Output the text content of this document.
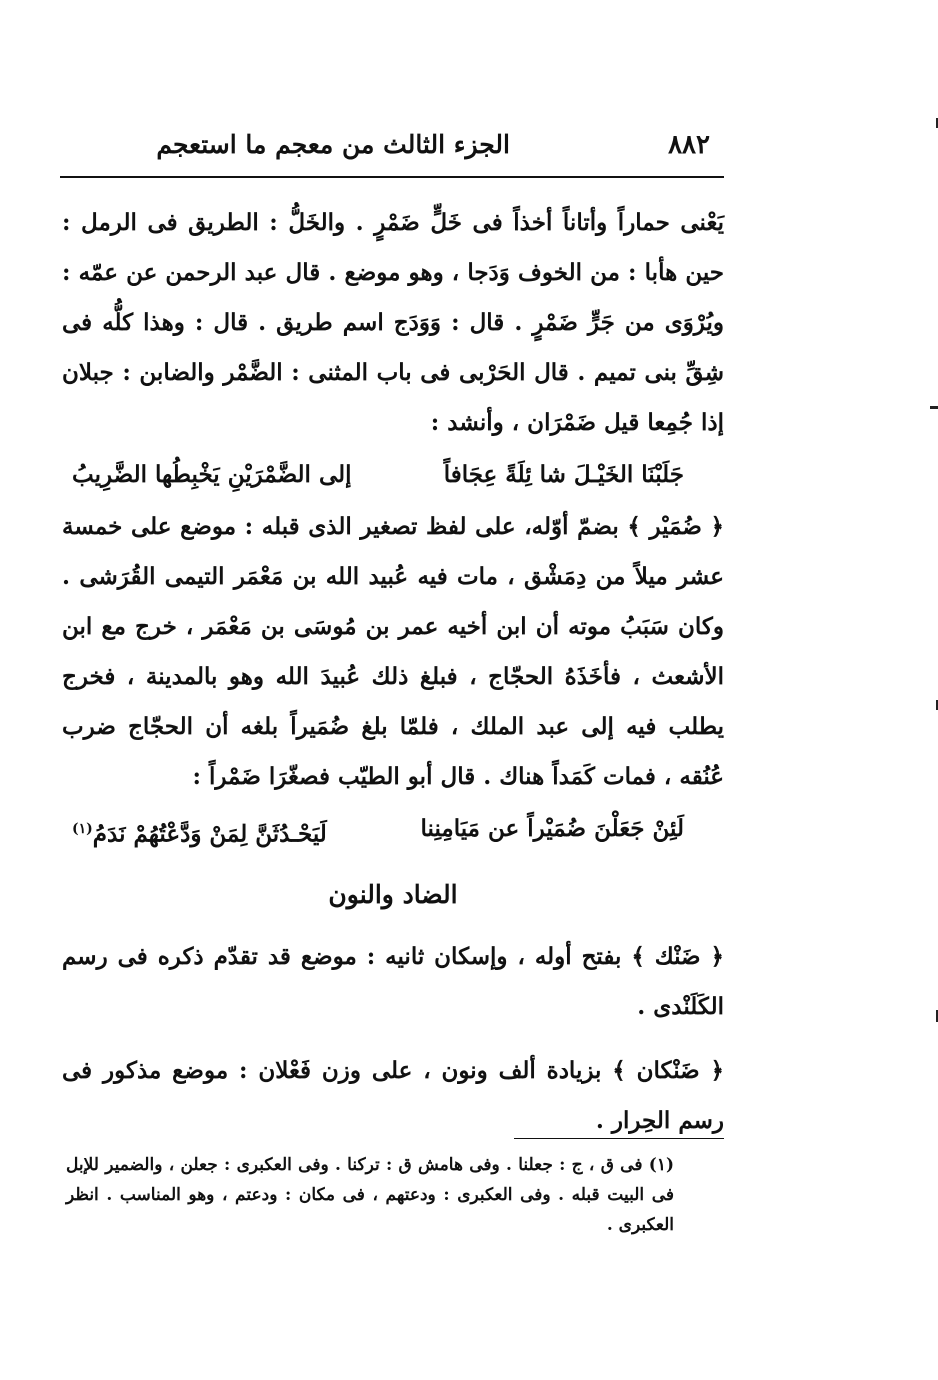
٨٨٢
الجزء الثالث من معجم ما استعجم

يَعْنى حماراً وأتاناً أخذاً فى خَلٍّ ضَمْرٍ . والخَلُّ : الطريق فى الرمل : حين هأبا : من الخوف وَدَجا ، وهو موضع . قال عبد الرحمن عن عمّه : ويُرْوَى من جَرٍّ ضَمْرٍ . قال : وَوَدَج اسم طريق . قال : وهذا كلُّه فى شِقِّ بنى تميم . قال الحَرْبى فى باب المثنى : الضَّمْر والضابن : جبلان إذا جُمِعا قيل ضَمْرَان ، وأنشد :

جَلَبْنَا الخَيْـلَ شا ئِلَةً عِجَافاً
إلى الضَّمْرَيْنِ يَخْبِطُها الضَّرِيبُ

﴿ ضُمَيْر ﴾ بضمّ أوّله، على لفظ تصغير الذى قبله : موضع على خمسة عشر ميلاً من دِمَشْق ، مات فيه عُبيد الله بن مَعْمَر التيمى القُرَشى . وكان سَبَبُ موته أن ابن أخيه عمر بن مُوسَى بن مَعْمَر ، خرج مع ابن الأشعث ، فأخَذَهُ الحجّاج ، فبلغ ذلك عُبيدَ الله وهو بالمدينة ، فخرج يطلب فيه إلى عبد الملك ، فلمّا بلغ ضُمَيراً بلغه أن الحجّاج ضرب عُنُقه ، فمات كَمَداً هناك . قال أبو الطيّب فصغّرَا ضَمْراً :

لَئِنْ جَعَلْنَ ضُمَيْراً عن مَيَامِنِنا
لَيَحْـدُثَنَّ لِمَنْ وَدَّعْتُهُمْ نَدَمُ$^{(١)}$
الضاد والنون

﴿ ضَنْك ﴾ بفتح أوله ، وإسكان ثانيه : موضع قد تقدّم ذكره فى رسم الكَلَنْدى .

﴿ ضَنْكان ﴾ بزيادة ألف ونون ، على وزن فَعْلان : موضع مذكور فى رسم الحِرار .

(١) فى ق ، ج : جعلنا . وفى هامش ق : تركنا . وفى العكبرى : جعلن ، والضمير للإبل فى البيت قبله . وفى العكبرى : ودعتهم ، فى مكان : ودعتم ، وهو المناسب . انظر العكبرى .
